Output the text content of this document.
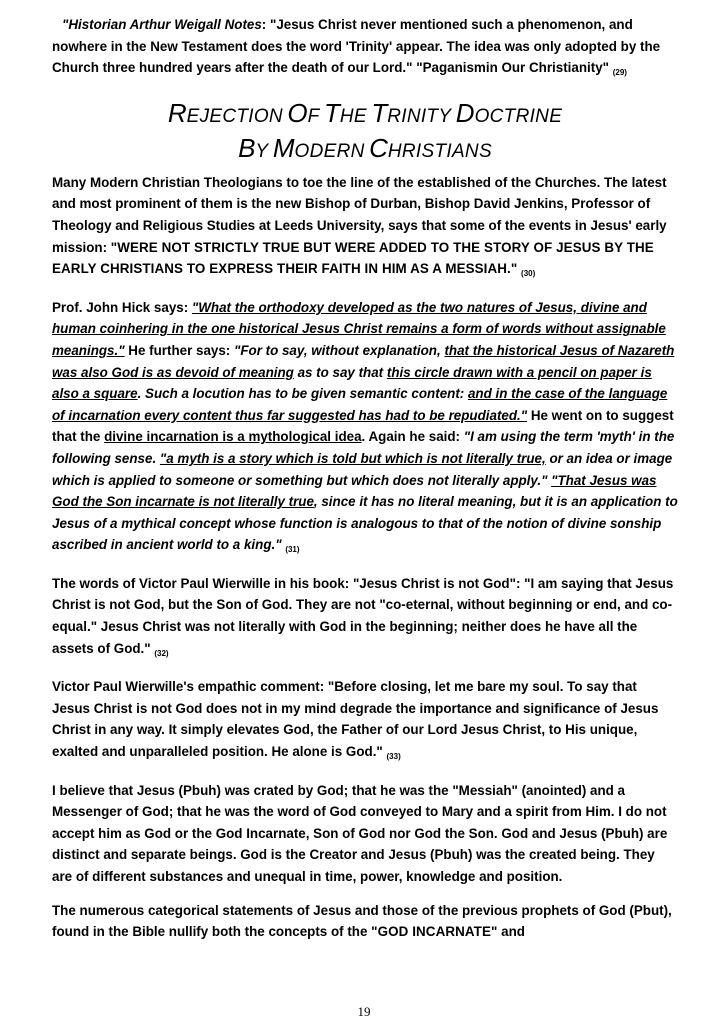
"Historian Arthur Weigall Notes: "Jesus Christ never mentioned such a phenomenon, and nowhere in the New Testament does the word 'Trinity' appear. The idea was only adopted by the Church three hundred years after the death of our Lord." "Paganismin Our Christianity" $_{(29)}$

REJECTION OF THE TRINITY DOCTRINE
BY MODERN CHRISTIANS

Many Modern Christian Theologians to toe the line of the established of the Churches. The latest and most prominent of them is the new Bishop of Durban, Bishop David Jenkins, Professor of Theology and Religious Studies at Leeds University, says that some of the events in Jesus' early mission: "WERE NOT STRICTLY TRUE BUT WERE ADDED TO THE STORY OF JESUS BY THE EARLY CHRISTIANS TO EXPRESS THEIR FAITH IN HIM AS A MESSIAH." $_{(30)}$

Prof. John Hick says: "What the orthodoxy developed as the two natures of Jesus, divine and human coinhering in the one historical Jesus Christ remains a form of words without assignable meanings." He further says: "For to say, without explanation, that the historical Jesus of Nazareth was also God is as devoid of meaning as to say that this circle drawn with a pencil on paper is also a square. Such a locution has to be given semantic content: and in the case of the language of incarnation every content thus far suggested has had to be repudiated." He went on to suggest that the divine incarnation is a mythological idea. Again he said: "I am using the term 'myth' in the following sense. "a myth is a story which is told but which is not literally true, or an idea or image which is applied to someone or something but which does not literally apply." "That Jesus was God the Son incarnate is not literally true, since it has no literal meaning, but it is an application to Jesus of a mythical concept whose function is analogous to that of the notion of divine sonship ascribed in ancient world to a king." $_{(31)}$

The words of Victor Paul Wierwille in his book: "Jesus Christ is not God": "I am saying that Jesus Christ is not God, but the Son of God. They are not "co-eternal, without beginning or end, and co-equal." Jesus Christ was not literally with God in the beginning; neither does he have all the assets of God." $_{(32)}$

Victor Paul Wierwille's empathic comment: "Before closing, let me bare my soul. To say that Jesus Christ is not God does not in my mind degrade the importance and significance of Jesus Christ in any way. It simply elevates God, the Father of our Lord Jesus Christ, to His unique, exalted and unparalleled position. He alone is God." $_{(33)}$

I believe that Jesus (Pbuh) was crated by God; that he was the "Messiah" (anointed) and a Messenger of God; that he was the word of God conveyed to Mary and a spirit from Him. I do not accept him as God or the God Incarnate, Son of God nor God the Son. God and Jesus (Pbuh) are distinct and separate beings. God is the Creator and Jesus (Pbuh) was the created being. They are of different substances and unequal in time, power, knowledge and position.

The numerous categorical statements of Jesus and those of the previous prophets of God (Pbut), found in the Bible nullify both the concepts of the "GOD INCARNATE" and

19
